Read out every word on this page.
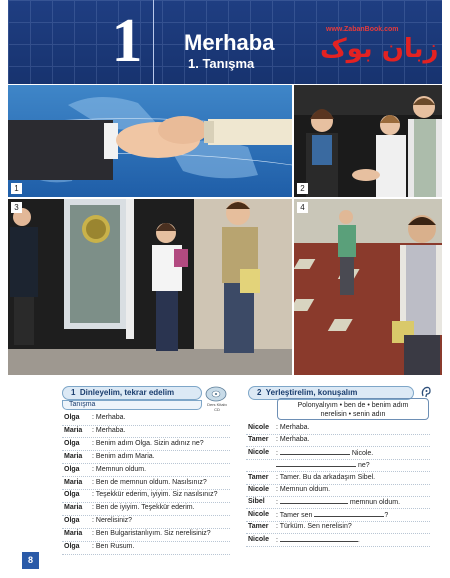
1	Merhaba
1. Tanışma
www.ZabanBook.com
زبان بوک
1	2
3	4
1 Dinleyelim, tekrar edelim
Tanışma	Ders Kitabı CD
Olga : Merhaba.
Maria : Merhaba.
Olga : Benim adım Olga. Sizin adınız ne?
Maria : Benim adım Maria.
Olga : Memnun oldum.
Maria : Ben de memnun oldum. Nasılsınız?
Olga : Teşekkür ederim, iyiyim. Siz nasılsınız?
Maria : Ben de iyiyim. Teşekkür ederim.
Olga : Nerelisiniz?
Maria : Ben Bulgaristanlıyım. Siz nerelisiniz?
Olga : Ben Rusum.
2 Yerleştirelim, konuşalım
Polonyalıyım • ben de • benim adım
nerelisin • senin adın
Nicole : Merhaba.
Tamer : Merhaba.
Nicole :	Nicole.
ne?
Tamer : Tamer. Bu da arkadaşım Sibel.
Nicole : Memnun oldum.
Sibel :	memnun oldum.
Nicole : Tamer sen	?
Tamer : Türküm. Sen nerelisin?
Nicole :	.
8
